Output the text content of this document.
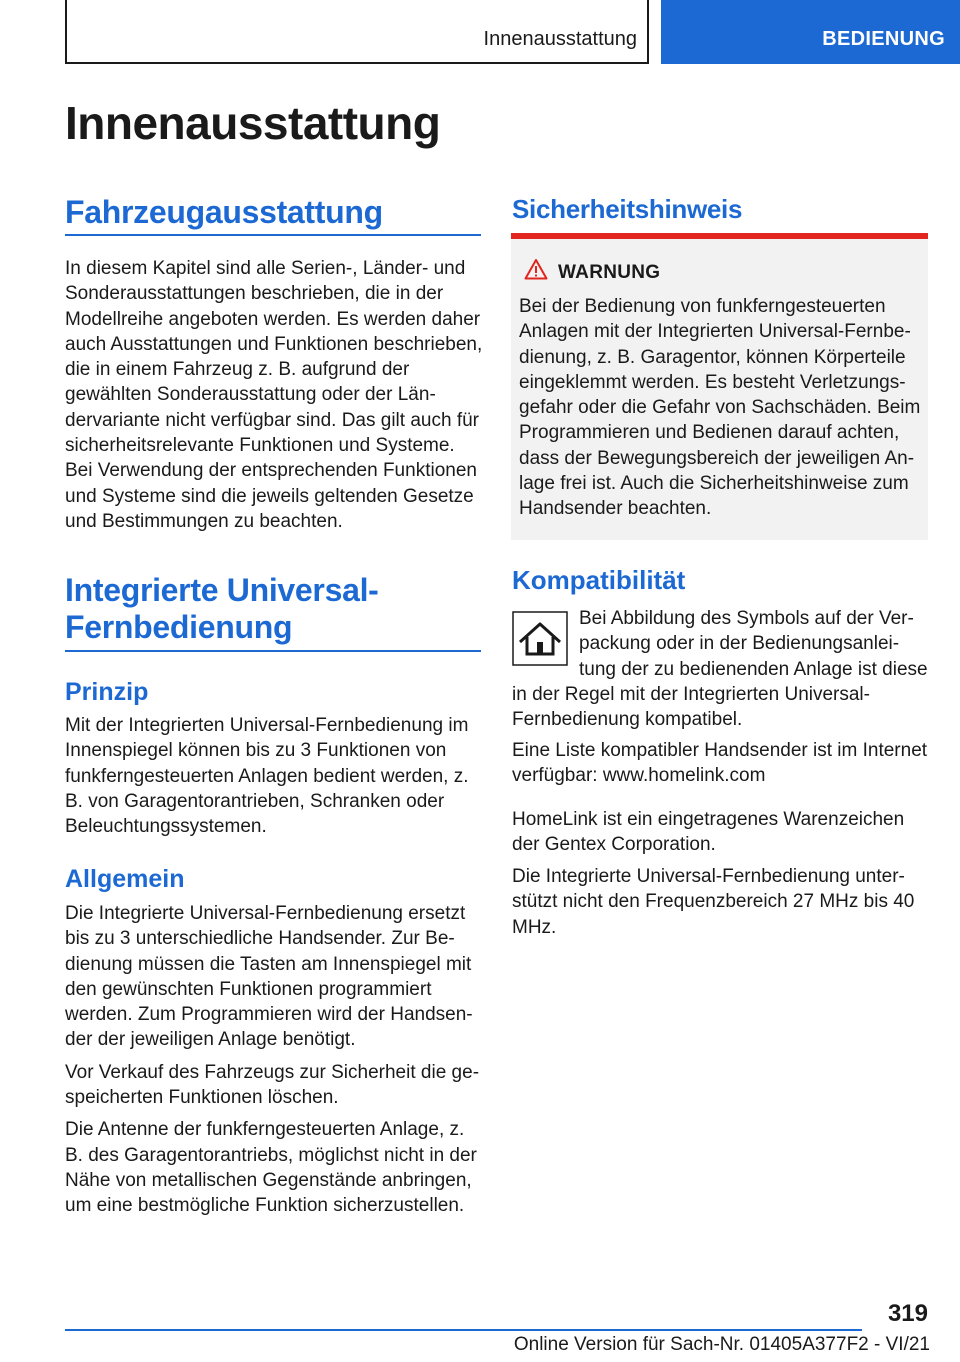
Innenausstattung	BEDIENUNG
Innenausstattung
Fahrzeugausstattung
In diesem Kapitel sind alle Serien-, Länder- und Sonderausstattungen beschrieben, die in der Modellreihe angeboten werden. Es werden daher auch Ausstattungen und Funktionen beschrieben, die in einem Fahrzeug z. B. aufgrund der gewählten Sonderausstattung oder der Ländervariante nicht verfügbar sind. Das gilt auch für sicherheitsrelevante Funktionen und Systeme. Bei Verwendung der entsprechenden Funktionen und Systeme sind die jeweils geltenden Gesetze und Bestimmungen zu beachten.
Integrierte Universal-
Fernbedienung
Prinzip
Mit der Integrierten Universal-Fernbedienung im Innenspiegel können bis zu 3 Funktionen von funkferngesteuerten Anlagen bedient werden, z. B. von Garagentorantrieben, Schranken oder Beleuchtungssystemen.
Allgemein

Die Integrierte Universal-Fernbedienung ersetzt bis zu 3 unterschiedliche Handsender. Zur Bedienung müssen die Tasten am Innenspiegel mit den gewünschten Funktionen programmiert werden. Zum Programmieren wird der Handsender der jeweiligen Anlage benötigt.

Vor Verkauf des Fahrzeugs zur Sicherheit die gespeicherten Funktionen löschen.

Die Antenne der funkferngesteuerten Anlage, z. B. des Garagentorantriebs, möglichst nicht in der Nähe von metallischen Gegenstände anbringen, um eine bestmögliche Funktion sicherzustellen.

Sicherheitshinweis
WARNUNG
Bei der Bedienung von funkferngesteuerten Anlagen mit der Integrierten Universal-Fernbedienung, z. B. Garagentor, können Körperteile eingeklemmt werden. Es besteht Verletzungsgefahr oder die Gefahr von Sachschäden. Beim Programmieren und Bedienen darauf achten, dass der Bewegungsbereich der jeweiligen Anlage frei ist. Auch die Sicherheitshinweise zum Handsender beachten.
Kompatibilität
Bei Abbildung des Symbols auf der Verpackung oder in der Bedienungsanleitung der zu bedienenden Anlage ist diese in der Regel mit der Integrierten Universal-Fernbedienung kompatibel.

Eine Liste kompatibler Handsender ist im Internet verfügbar: www.homelink.com

HomeLink ist ein eingetragenes Warenzeichen der Gentex Corporation.

Die Integrierte Universal-Fernbedienung unterstützt nicht den Frequenzbereich 27 MHz bis 40 MHz.

319
Online Version für Sach-Nr. 01405A377F2 - VI/21
